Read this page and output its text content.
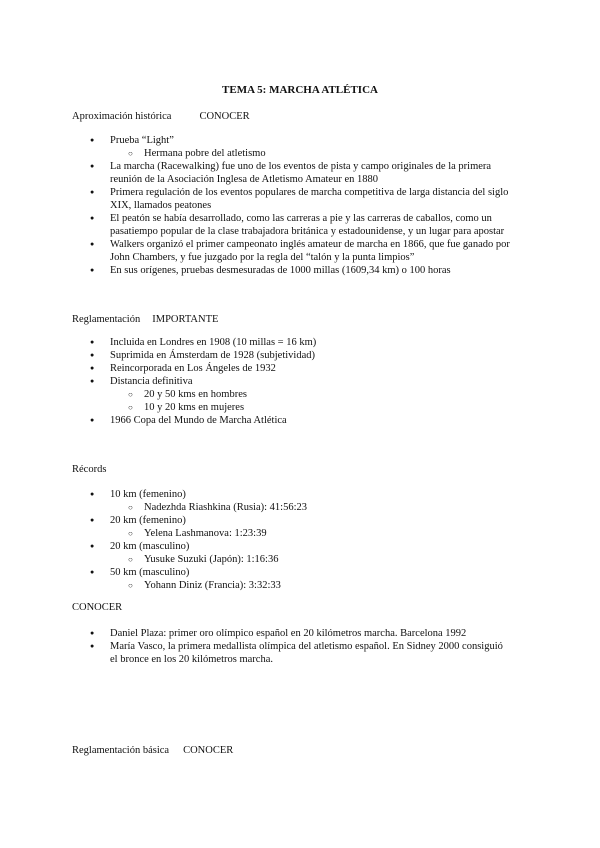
TEMA 5: MARCHA ATLÉTICA
Aproximación histórica	CONOCER
● Prueba “Light”
○ Hermana pobre del atletismo
● La marcha (Racewalking) fue uno de los eventos de pista y campo originales de la primera reunión de la Asociación Inglesa de Atletismo Amateur en 1880
● Primera regulación de los eventos populares de marcha competitiva de larga distancia del siglo XIX, llamados peatones
● El peatón se había desarrollado, como las carreras a pie y las carreras de caballos, como un pasatiempo popular de la clase trabajadora británica y estadounidense, y un lugar para apostar
● Walkers organizó el primer campeonato inglés amateur de marcha en 1866, que fue ganado por John Chambers, y fue juzgado por la regla del “talón y la punta limpios”
● En sus orígenes, pruebas desmesuradas de 1000 millas (1609,34 km) o 100 horas
Reglamentación IMPORTANTE
● Incluida en Londres en 1908 (10 millas = 16 km)
● Suprimida en Ámsterdam de 1928 (subjetividad)
● Reincorporada en Los Ángeles de 1932
● Distancia definitiva
○ 20 y 50 kms en hombres
○ 10 y 20 kms en mujeres
● 1966 Copa del Mundo de Marcha Atlética
Récords
● 10 km (femenino)
○ Nadezhda Riashkina (Rusia): 41:56:23
● 20 km (femenino)
○ Yelena Lashmanova: 1:23:39
● 20 km (masculino)
○ Yusuke Suzuki (Japón): 1:16:36
● 50 km (masculino)
○ Yohann Diniz (Francia): 3:32:33
CONOCER
● Daniel Plaza: primer oro olímpico español en 20 kilómetros marcha. Barcelona 1992
● María Vasco, la primera medallista olímpica del atletismo español. En Sidney 2000 consiguió el bronce en los 20 kilómetros marcha.
Reglamentación básica CONOCER
